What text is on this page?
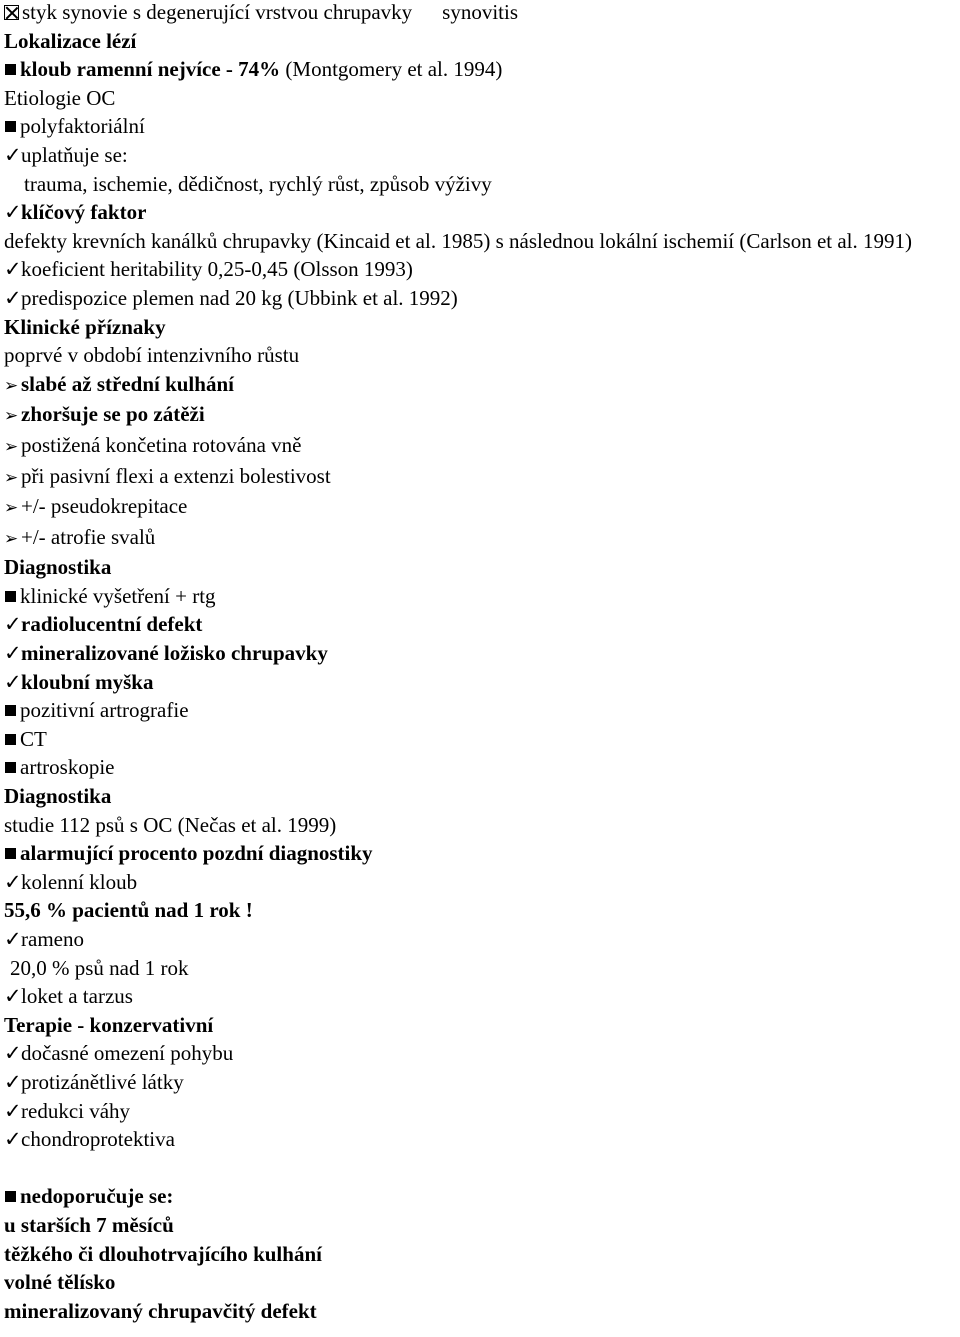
styk synovie s degenerující vrstvou chrupavky synovitis
Lokalizace lézí
kloub ramenní nejvíce - 74% (Montgomery et al. 1994)
Etiologie OC
polyfaktoriální
✓uplatňuje se:
trauma, ischemie, dědičnost, rychlý růst, způsob výživy
✓klíčový faktor
defekty krevních kanálků chrupavky (Kincaid et al. 1985) s následnou lokální ischemií (Carlson et al. 1991)
✓koeficient heritability 0,25-0,45 (Olsson 1993)
✓predispozice plemen nad 20 kg (Ubbink et al. 1992)
Klinické příznaky
poprvé v období intenzivního růstu
➢ slabé až střední kulhání
➢ zhoršuje se po zátěži
➢ postižená končetina rotována vně
➢ při pasivní flexi a extenzi bolestivost
➢ +/- pseudokrepitace
➢ +/- atrofie svalů
Diagnostika
klinické vyšetření + rtg
✓radiolucentní defekt
✓mineralizované ložisko chrupavky
✓kloubní myška
pozitivní artrografie
CT
artroskopie
Diagnostika
studie 112 psů s OC (Nečas et al. 1999)
alarmující procento pozdní diagnostiky
✓kolenní kloub
55,6 % pacientů nad 1 rok !
✓rameno
20,0 % psů nad 1 rok
✓loket a tarzus
Terapie - konzervativní
✓dočasné omezení pohybu
✓protizánětlivé látky
✓redukci váhy
✓chondroprotektiva
nedoporučuje se:
u starších 7 měsíců
těžkého či dlouhotrvajícího kulhání
volné tělísko
mineralizovaný chrupavčitý defekt
